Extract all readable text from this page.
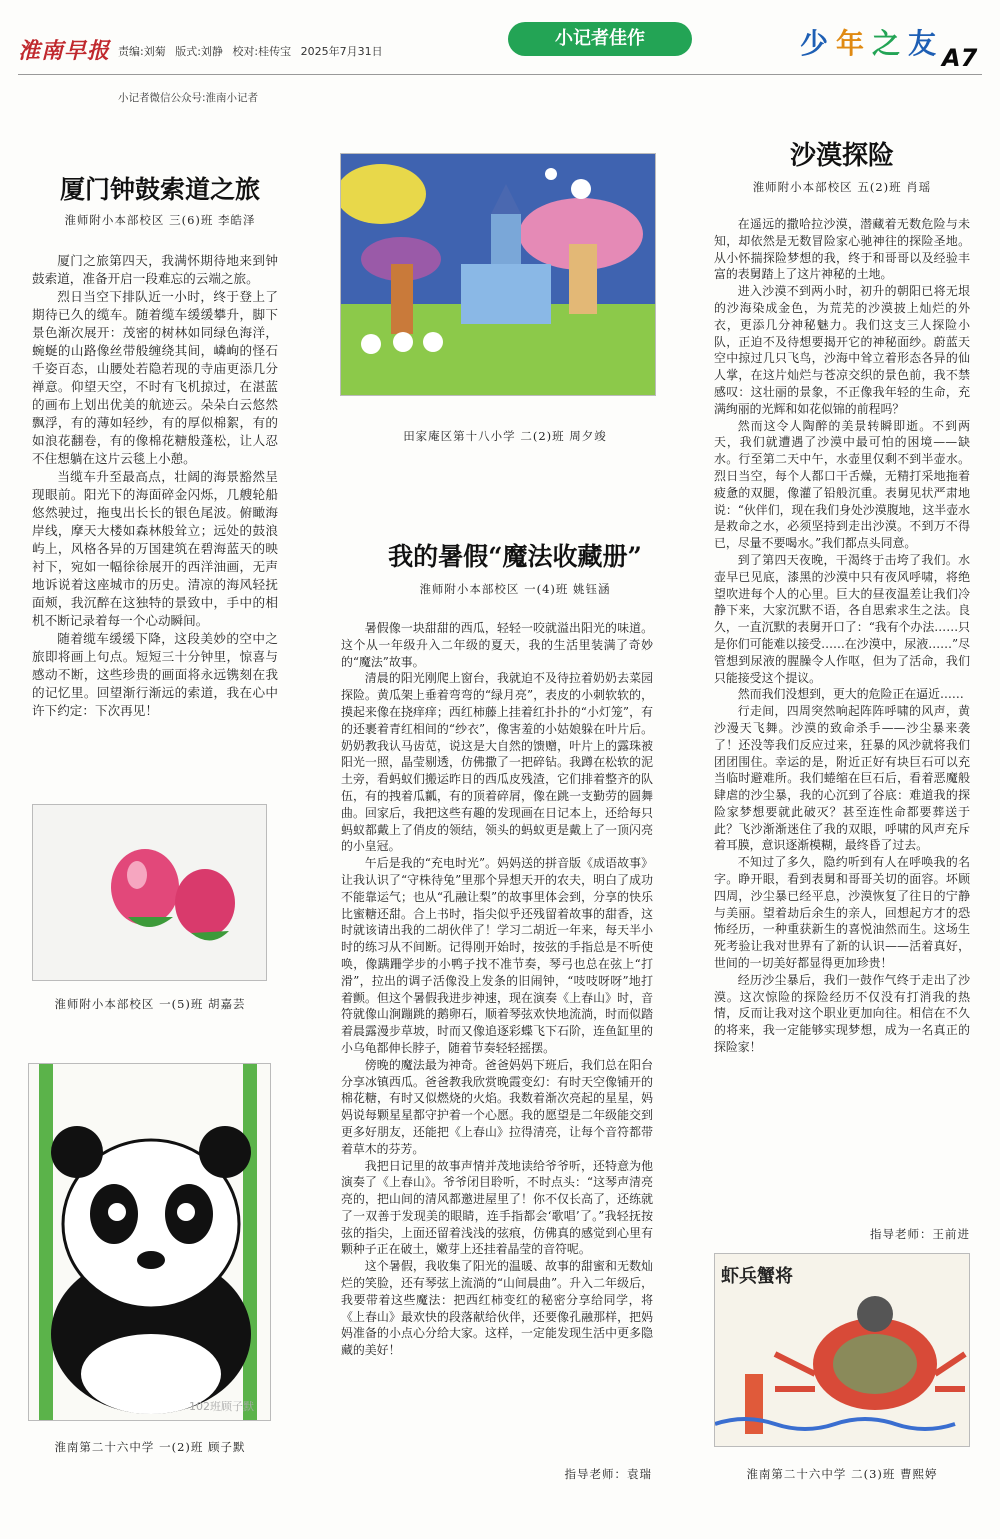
淮南早报 责编:刘菊 版式:刘静 校对:桂传宝 2025年7月31日
小记者佳作	少 年 之 友 A7
小记者微信公众号:淮南小记者
厦门钟鼓索道之旅
淮师附小本部校区 三(6)班 李皓泽

厦门之旅第四天，我满怀期待地来到钟鼓索道，准备开启一段难忘的云端之旅。

烈日当空下排队近一小时，终于登上了期待已久的缆车。随着缆车缓缓攀升，脚下景色渐次展开：茂密的树林如同绿色海洋，蜿蜒的山路像丝带般缠绕其间，嶙峋的怪石千姿百态，山腰处若隐若现的寺庙更添几分禅意。仰望天空，不时有飞机掠过，在湛蓝的画布上划出优美的航迹云。朵朵白云悠然飘浮，有的薄如轻纱，有的厚似棉絮，有的如浪花翻卷，有的像棉花糖般蓬松，让人忍不住想躺在这片云毯上小憩。

当缆车升至最高点，壮阔的海景豁然呈现眼前。阳光下的海面碎金闪烁，几艘轮船悠然驶过，拖曳出长长的银色尾波。俯瞰海岸线，摩天大楼如森林般耸立；远处的鼓浪屿上，风格各异的万国建筑在碧海蓝天的映衬下，宛如一幅徐徐展开的西洋油画，无声地诉说着这座城市的历史。清凉的海风轻抚面颊，我沉醉在这独特的景致中，手中的相机不断记录着每一个心动瞬间。

随着缆车缓缓下降，这段美妙的空中之旅即将画上句点。短短三十分钟里，惊喜与感动不断，这些珍贵的画面将永远镌刻在我的记忆里。回望渐行渐远的索道，我在心中许下约定：下次再见！

淮师附小本部校区 一(5)班 胡嘉芸
102班顾子默
淮南第二十六中学 一(2)班 顾子默
田家庵区第十八小学 二(2)班 周夕竣
我的暑假“魔法收藏册”
淮师附小本部校区 一(4)班 姚钰涵

暑假像一块甜甜的西瓜，轻轻一咬就溢出阳光的味道。这个从一年级升入二年级的夏天，我的生活里装满了奇妙的“魔法”故事。

清晨的阳光刚爬上窗台，我就迫不及待拉着奶奶去菜园探险。黄瓜架上垂着弯弯的“绿月亮”，表皮的小刺软软的，摸起来像在挠痒痒；西红柿藤上挂着红扑扑的“小灯笼”，有的还裹着青红相间的“纱衣”，像害羞的小姑娘躲在叶片后。奶奶教我认马齿苋，说这是大自然的馈赠，叶片上的露珠被阳光一照，晶莹剔透，仿佛撒了一把碎钻。我蹲在松软的泥土旁，看蚂蚁们搬运昨日的西瓜皮残渣，它们排着整齐的队伍，有的拽着瓜瓤，有的顶着碎屑，像在跳一支勤劳的圆舞曲。回家后，我把这些有趣的发现画在日记本上，还给每只蚂蚁都戴上了俏皮的领结，领头的蚂蚁更是戴上了一顶闪亮的小皇冠。

午后是我的“充电时光”。妈妈送的拼音版《成语故事》让我认识了“守株待兔”里那个异想天开的农夫，明白了成功不能靠运气；也从“孔融让梨”的故事里体会到，分享的快乐比蜜糖还甜。合上书时，指尖似乎还残留着故事的甜香，这时就该请出我的二胡伙伴了！学习二胡近一年来，每天半小时的练习从不间断。记得刚开始时，按弦的手指总是不听使唤，像蹒跚学步的小鸭子找不准节奏，琴弓也总在弦上“打滑”，拉出的调子活像没上发条的旧闹钟，“吱吱呀呀”地打着颤。但这个暑假我进步神速，现在演奏《上春山》时，音符就像山涧蹦跳的鹅卵石，顺着琴弦欢快地流淌，时而似踏着晨露漫步草坡，时而又像追逐彩蝶飞下石阶，连鱼缸里的小乌龟都伸长脖子，随着节奏轻轻摇摆。

傍晚的魔法最为神奇。爸爸妈妈下班后，我们总在阳台分享冰镇西瓜。爸爸教我欣赏晚霞变幻：有时天空像铺开的棉花糖，有时又似燃烧的火焰。我数着渐次亮起的星星，妈妈说每颗星星都守护着一个心愿。我的愿望是二年级能交到更多好朋友，还能把《上春山》拉得清亮，让每个音符都带着草木的芬芳。

我把日记里的故事声情并茂地读给爷爷听，还特意为他演奏了《上春山》。爷爷闭目聆听，不时点头：“这琴声清亮亮的，把山间的清风都邀进屋里了！你不仅长高了，还练就了一双善于发现美的眼睛，连手指都会‘歌唱’了。”我轻抚按弦的指尖，上面还留着浅浅的弦痕，仿佛真的感觉到心里有颗种子正在破土，嫩芽上还挂着晶莹的音符呢。

这个暑假，我收集了阳光的温暖、故事的甜蜜和无数灿烂的笑脸，还有琴弦上流淌的“山间晨曲”。升入二年级后，我要带着这些魔法：把西红柿变红的秘密分享给同学，将《上春山》最欢快的段落献给伙伴，还要像孔融那样，把妈妈准备的小点心分给大家。这样，一定能发现生活中更多隐藏的美好！

指导老师：袁瑞
沙漠探险
淮师附小本部校区 五(2)班 肖瑶

在遥远的撒哈拉沙漠，潜藏着无数危险与未知，却依然是无数冒险家心驰神往的探险圣地。从小怀揣探险梦想的我，终于和哥哥以及经验丰富的表舅踏上了这片神秘的土地。

进入沙漠不到两小时，初升的朝阳已将无垠的沙海染成金色，为荒芜的沙漠披上灿烂的外衣，更添几分神秘魅力。我们这支三人探险小队，正迫不及待想要揭开它的神秘面纱。蔚蓝天空中掠过几只飞鸟，沙海中耸立着形态各异的仙人掌，在这片灿烂与苍凉交织的景色前，我不禁感叹：这壮丽的景象，不正像我年轻的生命，充满绚丽的光辉和如花似锦的前程吗？

然而这令人陶醉的美景转瞬即逝。不到两天，我们就遭遇了沙漠中最可怕的困境——缺水。行至第二天中午，水壶里仅剩不到半壶水。烈日当空，每个人都口干舌燥，无精打采地拖着疲惫的双腿，像灌了铅般沉重。表舅见状严肃地说：“伙伴们，现在我们身处沙漠腹地，这半壶水是救命之水，必须坚持到走出沙漠。不到万不得已，尽量不要喝水。”我们都点头同意。

到了第四天夜晚，干渴终于击垮了我们。水壶早已见底，漆黑的沙漠中只有夜风呼啸，将绝望吹进每个人的心里。巨大的昼夜温差让我们冷静下来，大家沉默不语，各自思索求生之法。良久，一直沉默的表舅开口了：“我有个办法……只是你们可能难以接受……在沙漠中，尿液……”尽管想到尿液的腥臊令人作呕，但为了活命，我们只能接受这个提议。

然而我们没想到，更大的危险正在逼近……

行走间，四周突然响起阵阵呼啸的风声，黄沙漫天飞舞。沙漠的致命杀手——沙尘暴来袭了！还没等我们反应过来，狂暴的风沙就将我们团团围住。幸运的是，附近正好有块巨石可以充当临时避难所。我们蜷缩在巨石后，看着恶魔般肆虐的沙尘暴，我的心沉到了谷底：难道我的探险家梦想要就此破灭？甚至连性命都要葬送于此？飞沙渐渐迷住了我的双眼，呼啸的风声充斥着耳膜，意识逐渐模糊，最终昏了过去。

不知过了多久，隐约听到有人在呼唤我的名字。睁开眼，看到表舅和哥哥关切的面容。坏顾四周，沙尘暴已经平息，沙漠恢复了往日的宁静与美丽。望着劫后余生的亲人，回想起方才的恐怖经历，一种重获新生的喜悦油然而生。这场生死考验让我对世界有了新的认识——活着真好，世间的一切美好都显得更加珍贵！

经历沙尘暴后，我们一鼓作气终于走出了沙漠。这次惊险的探险经历不仅没有打消我的热情，反而让我对这个职业更加向往。相信在不久的将来，我一定能够实现梦想，成为一名真正的探险家！

指导老师：王前进
虾兵蟹将
淮南第二十六中学 二(3)班 曹熙婷
